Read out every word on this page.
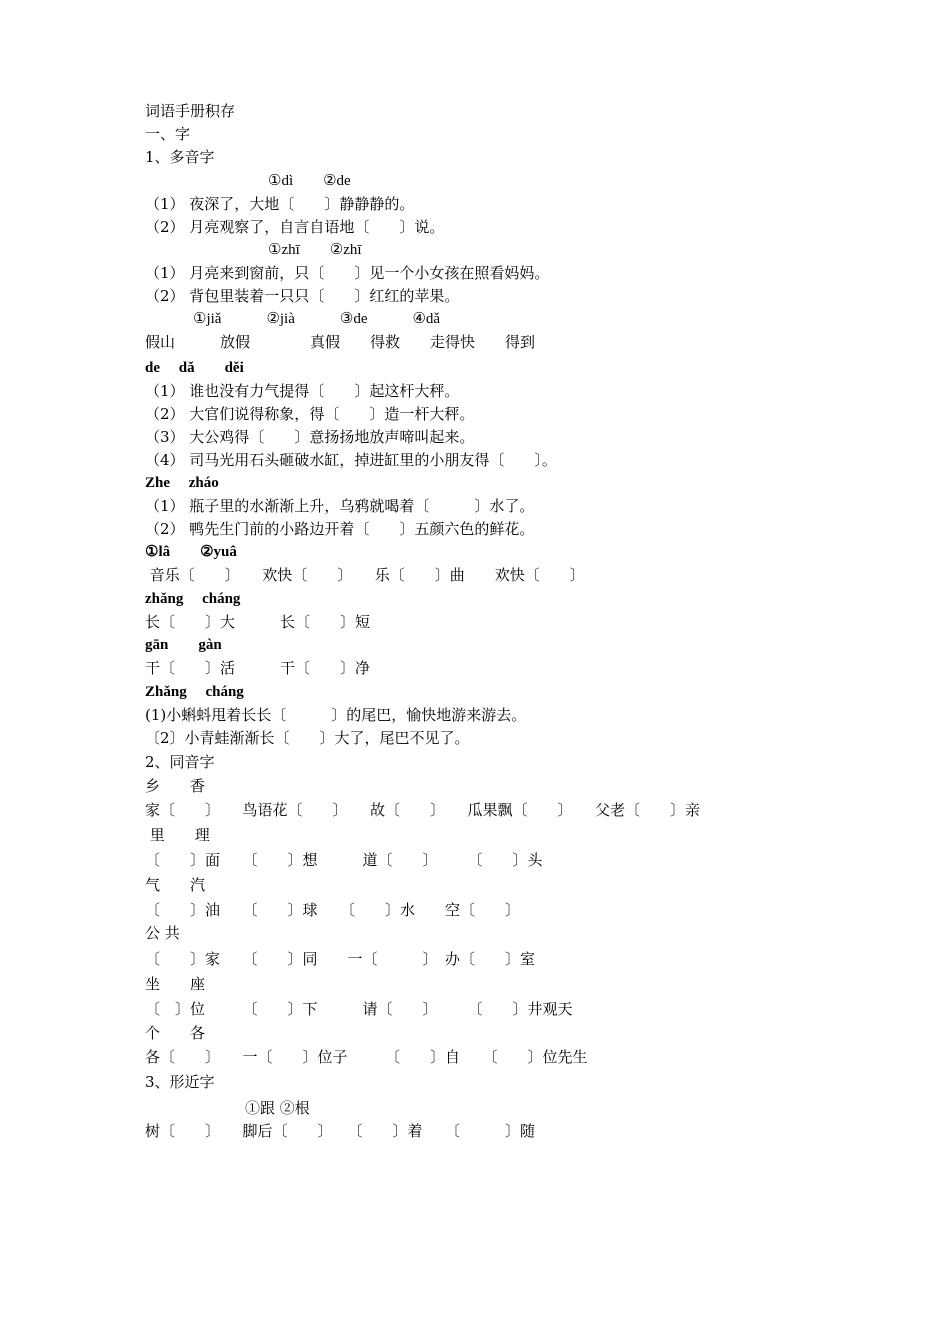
词语手册积存
一、字
1、多音字
①dì　　②de
（1） 夜深了，大地〔　　〕静静静的。
（2） 月亮观察了，自言自语地〔　　〕说。
①zhī　　②zhī
（1） 月亮来到窗前，只〔　　〕见一个小女孩在照看妈妈。
（2） 背包里装着一只只〔　　〕红红的苹果。
①jiǎ　　　②jià　　　③de　　　④dǎ
假山　　　放假　　　　真假　　得救　　走得快　　得到
de　 dǎ　　děi
（1） 谁也没有力气提得〔　　〕起这杆大秤。
（2） 大官们说得称象，得〔　　〕造一杆大秤。
（3） 大公鸡得〔　　〕意扬扬地放声啼叫起来。
（4） 司马光用石头砸破水缸，掉进缸里的小朋友得〔　　〕。
Zhe　 zháo
（1） 瓶子里的水渐渐上升，乌鸦就喝着〔　　　〕水了。
（2） 鸭先生门前的小路边开着〔　　〕五颜六色的鲜花。
①lâ　　②yuâ
音乐〔　　〕　　欢快〔　　〕　　乐〔　　〕曲　　欢快〔　　〕
zhǎng　 cháng
长〔　　〕大　　　长〔　　〕短
gān　　gàn
干〔　　〕活　　　干〔　　〕净
Zhǎng　 cháng
(1)小蝌蚪甩着长长〔　　　〕的尾巴，愉快地游来游去。
〔2〕小青蛙渐渐长〔　　〕大了，尾巴不见了。
2、同音字
乡　　香
家〔　　〕　　鸟语花〔　　〕　　故〔　　〕　　瓜果飘〔　　〕　　父老〔　　〕亲
里　　理
〔　　〕面　　〔　　〕想　　　道〔　　〕　　　〔　　〕头
气　　汽
〔　　〕油　　〔　　〕球　　〔　　〕水　　空〔　　〕
公 共
〔　　〕家　　〔　　〕同　　一〔　　　〕　办〔　　〕室
坐　　座
〔　〕位　　　〔　　〕下　　　请〔　　〕　　　〔　　〕井观天
个　　各
各〔　　〕　　一〔　　〕位子　　　〔　　〕自　　〔　　〕位先生
3、形近字
①跟 ②根
树〔　　〕　　脚后〔　　〕　　〔　　〕着　　〔　　　〕随
